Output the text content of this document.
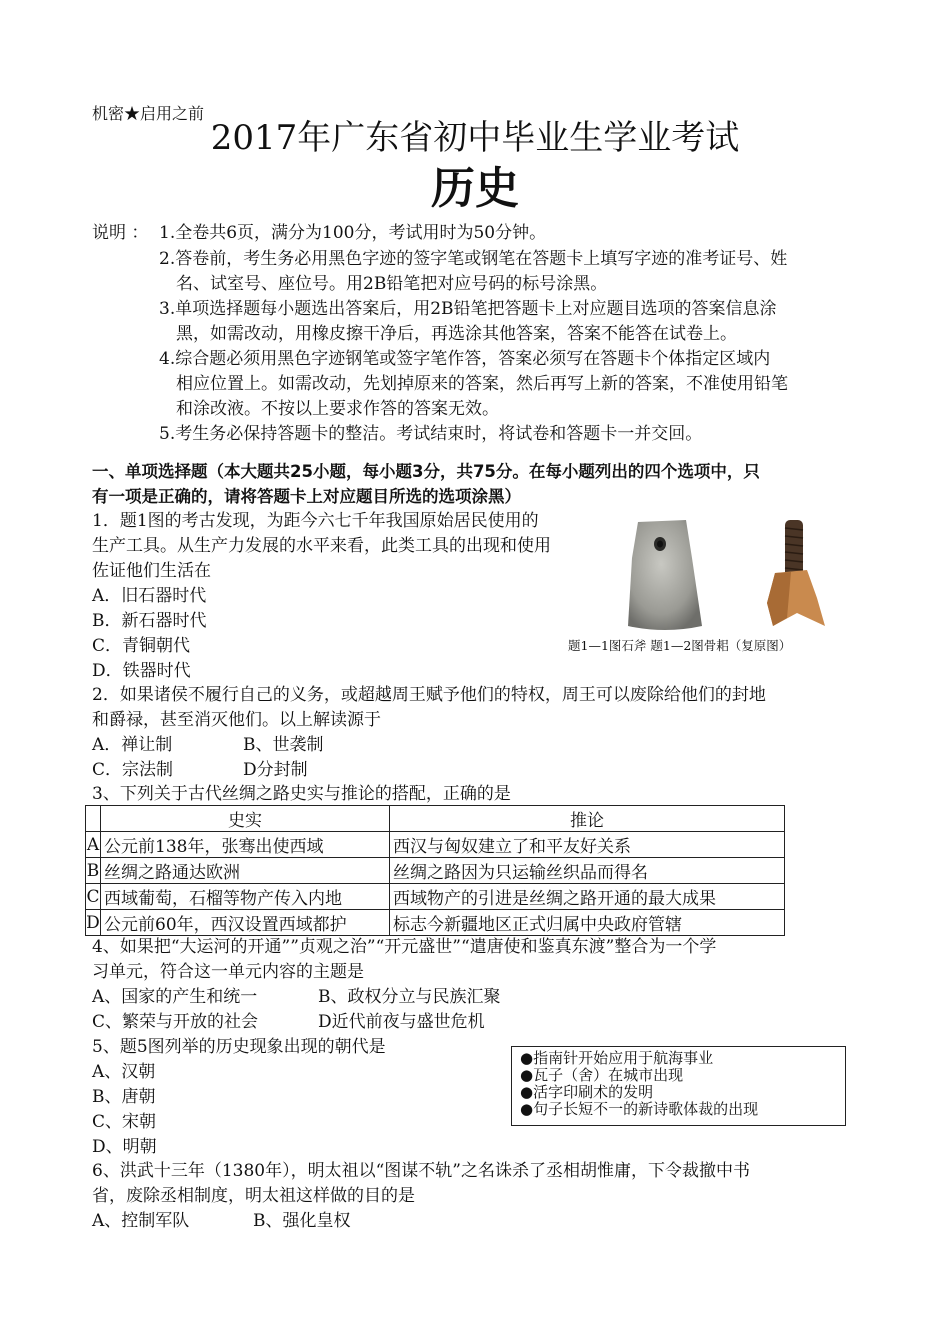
机密★启用之前
2017年广东省初中毕业生学业考试
历史
说明 ： 1.全卷共6页，满分为100分，考试用时为50分钟。
2.答卷前，考生务必用黑色字迹的签字笔或钢笔在答题卡上填写字迹的准考证号、姓
名、试室号、座位号。用2B铅笔把对应号码的标号涂黑。
3.单项选择题每小题选出答案后，用2B铅笔把答题卡上对应题目选项的答案信息涂
黑，如需改动，用橡皮擦干净后，再选涂其他答案，答案不能答在试卷上。
4.综合题必须用黑色字迹钢笔或签字笔作答，答案必须写在答题卡个体指定区域内
相应位置上。如需改动，先划掉原来的答案，然后再写上新的答案，不准使用铅笔
和涂改液。不按以上要求作答的答案无效。
5.考生务必保持答题卡的整洁。考试结束时，将试卷和答题卡一并交回。
一、单项选择题（本大题共25小题，每小题3分，共75分。在每小题列出的四个选项中，只
有一项是正确的，请将答题卡上对应题目所选的选项涂黑）
1．题1图的考古发现，为距今六七千年我国原始居民使用的
生产工具。从生产力发展的水平来看，此类工具的出现和使用
佐证他们生活在
A．旧石器时代
B．新石器时代
C．青铜朝代
D．铁器时代
题1—1图石斧 题1—2图骨耜（复原图）
2．如果诸侯不履行自己的义务，或超越周王赋予他们的特权，周王可以废除给他们的封地
和爵禄，甚至消灭他们。以上解读源于
A．禅让制	B、世袭制
C．宗法制	D分封制
3、下列关于古代丝绸之路史实与推论的搭配，正确的是
	史实	推论
A	公元前138年，张骞出使西域	西汉与匈奴建立了和平友好关系
B	丝绸之路通达欧洲	丝绸之路因为只运输丝织品而得名
C	西域葡萄，石榴等物产传入内地	西域物产的引进是丝绸之路开通的最大成果
D	公元前60年，西汉设置西域都护	标志今新疆地区正式归属中央政府管辖
4、如果把“大运河的开通””贞观之治”“开元盛世”“遣唐使和鉴真东渡”整合为一个学
习单元，符合这一单元内容的主题是
A、国家的产生和统一	B、政权分立与民族汇聚
C、繁荣与开放的社会	D近代前夜与盛世危机
5、题5图列举的历史现象出现的朝代是
A、汉朝
B、唐朝
C、宋朝
D、明朝
●指南针开始应用于航海事业
●瓦子（舍）在城市出现
●活字印刷术的发明
●句子长短不一的新诗歌体裁的出现
6、洪武十三年（1380年），明太祖以“图谋不轨”之名诛杀了丞相胡惟庸，下令裁撤中书
省，废除丞相制度，明太祖这样做的目的是
A、控制军队	B、强化皇权
